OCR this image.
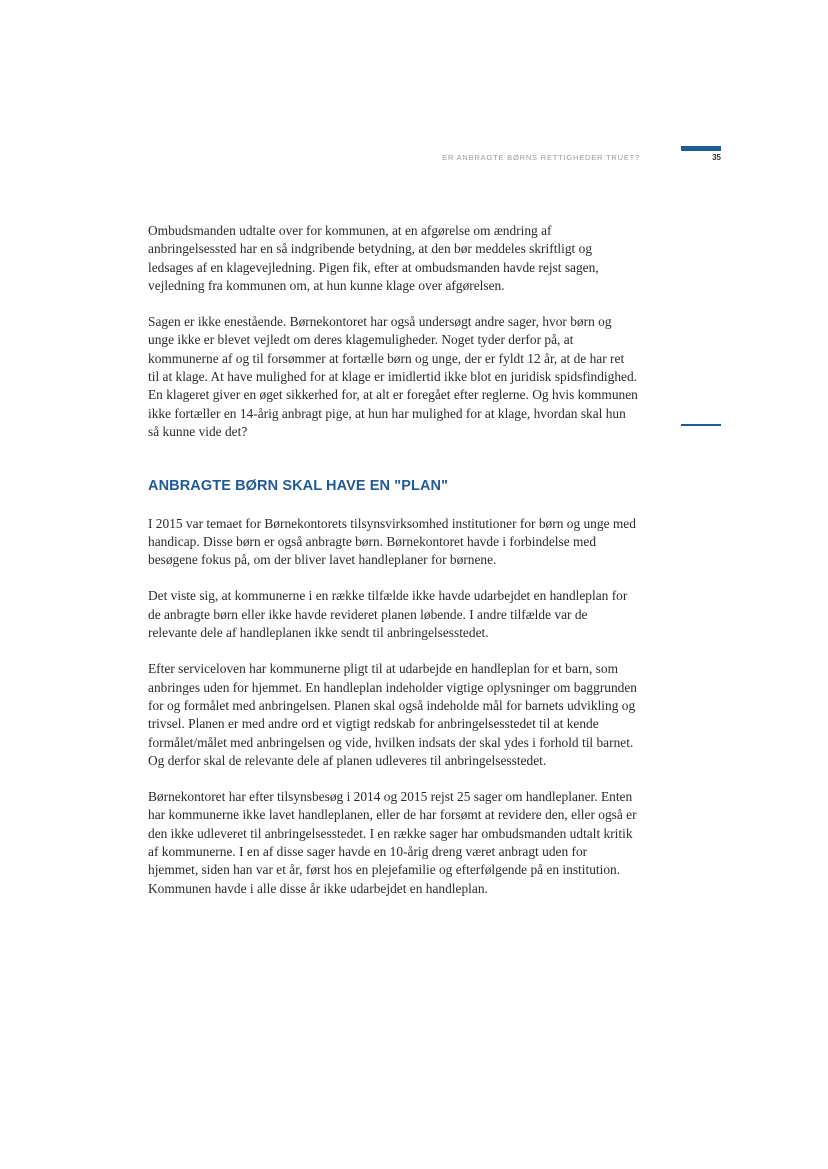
ER ANBRAGTE BØRNS RETTIGHEDER TRUET?	35

Ombudsmanden udtalte over for kommunen, at en afgørelse om ændring af anbringelsessted har en så indgribende betydning, at den bør meddeles skriftligt og ledsages af en klagevejledning. Pigen fik, efter at ombudsmanden havde rejst sagen, vejledning fra kommunen om, at hun kunne klage over afgørelsen.

Sagen er ikke enestående. Børnekontoret har også undersøgt andre sager, hvor børn og unge ikke er blevet vejledt om deres klagemuligheder. Noget tyder derfor på, at kommunerne af og til forsømmer at fortælle børn og unge, der er fyldt 12 år, at de har ret til at klage. At have mulighed for at klage er imidlertid ikke blot en juridisk spidsfindighed. En klageret giver en øget sikkerhed for, at alt er foregået efter reglerne. Og hvis kommunen ikke fortæller en 14-årig anbragt pige, at hun har mulighed for at klage, hvordan skal hun så kunne vide det?

ANBRAGTE BØRN SKAL HAVE EN "PLAN"

I 2015 var temaet for Børnekontorets tilsynsvirksomhed institutioner for børn og unge med handicap. Disse børn er også anbragte børn. Børnekontoret havde i forbindelse med besøgene fokus på, om der bliver lavet handleplaner for børnene.

Det viste sig, at kommunerne i en række tilfælde ikke havde udarbejdet en handleplan for de anbragte børn eller ikke havde revideret planen løbende. I andre tilfælde var de relevante dele af handleplanen ikke sendt til anbringelsesstedet.

Efter serviceloven har kommunerne pligt til at udarbejde en handleplan for et barn, som anbringes uden for hjemmet. En handleplan indeholder vigtige oplysninger om baggrunden for og formålet med anbringelsen. Planen skal også indeholde mål for barnets udvikling og trivsel. Planen er med andre ord et vigtigt redskab for anbringelsesstedet til at kende formålet/målet med anbringelsen og vide, hvilken indsats der skal ydes i forhold til barnet. Og derfor skal de relevante dele af planen udleveres til anbringelsesstedet.

Børnekontoret har efter tilsynsbesøg i 2014 og 2015 rejst 25 sager om handleplaner. Enten har kommunerne ikke lavet handleplanen, eller de har forsømt at revidere den, eller også er den ikke udleveret til anbringelsesstedet. I en række sager har ombudsmanden udtalt kritik af kommunerne. I en af disse sager havde en 10-årig dreng været anbragt uden for hjemmet, siden han var et år, først hos en plejefamilie og efterfølgende på en institution. Kommunen havde i alle disse år ikke udarbejdet en handleplan.
